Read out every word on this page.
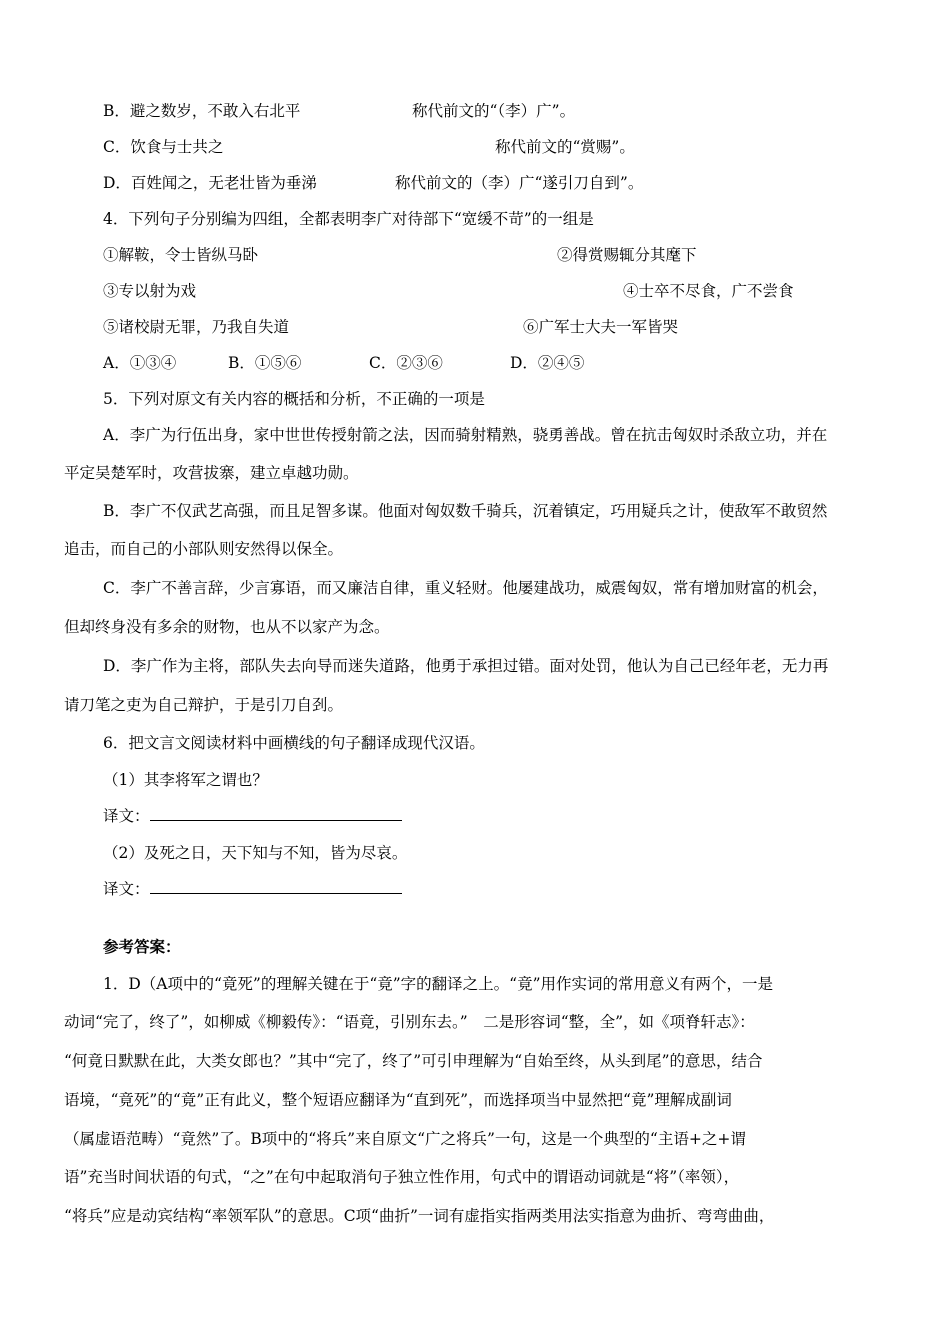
B．避之数岁，不敢入右北平	称代前文的“（李）广”。
C．饮食与士共之	称代前文的“赏赐”。
D．百姓闻之，无老壮皆为垂涕	称代前文的（李）广“遂引刀自到”。
4．下列句子分别编为四组，全都表明李广对待部下“宽缓不苛”的一组是
①解鞍，令士皆纵马卧	②得赏赐辄分其麾下
③专以射为戏	④士卒不尽食，广不尝食
⑤诸校尉无罪，乃我自失道	⑥广军士大夫一军皆哭
A．①③④	B．①⑤⑥	C．②③⑥	D．②④⑤
5．下列对原文有关内容的概括和分析，不正确的一项是
A．李广为行伍出身，家中世世传授射箭之法，因而骑射精熟，骁勇善战。曾在抗击匈奴时杀敌立功，并在
平定吴楚军时，攻营拔寨，建立卓越功勋。
B．李广不仅武艺高强，而且足智多谋。他面对匈奴数千骑兵，沉着镇定，巧用疑兵之计，使敌军不敢贸然
追击，而自己的小部队则安然得以保全。
C．李广不善言辞，少言寡语，而又廉洁自律，重义轻财。他屡建战功，威震匈奴，常有增加财富的机会，
但却终身没有多余的财物，也从不以家产为念。
D．李广作为主将，部队失去向导而迷失道路，他勇于承担过错。面对处罚，他认为自己已经年老，无力再
请刀笔之吏为自己辩护，于是引刀自刭。
6．把文言文阅读材料中画横线的句子翻译成现代汉语。
（1）其李将军之谓也？
译文：
（2）及死之日，天下知与不知，皆为尽哀。
译文：
参考答案：
1．D（A项中的“竟死”的理解关键在于“竟”字的翻译之上。“竟”用作实词的常用意义有两个，一是
动词“完了，终了”，如柳威《柳毅传》：“语竟，引别东去。”　二是形容词“整，全”，如《项脊轩志》：
“何竟日默默在此，大类女郎也？”其中“完了，终了”可引申理解为“自始至终，从头到尾”的意思，结合
语境，“竟死”的“竟”正有此义，整个短语应翻译为“直到死”，而选择项当中显然把“竟”理解成副词
（属虚语范畴）“竟然”了。B项中的“将兵”来自原文“广之将兵”一句，这是一个典型的“主语+之+谓
语”充当时间状语的句式，“之”在句中起取消句子独立性作用，句式中的谓语动词就是“将”（率领），
“将兵”应是动宾结构“率领军队”的意思。C项“曲折”一词有虚指实指两类用法实指意为曲折、弯弯曲曲，
